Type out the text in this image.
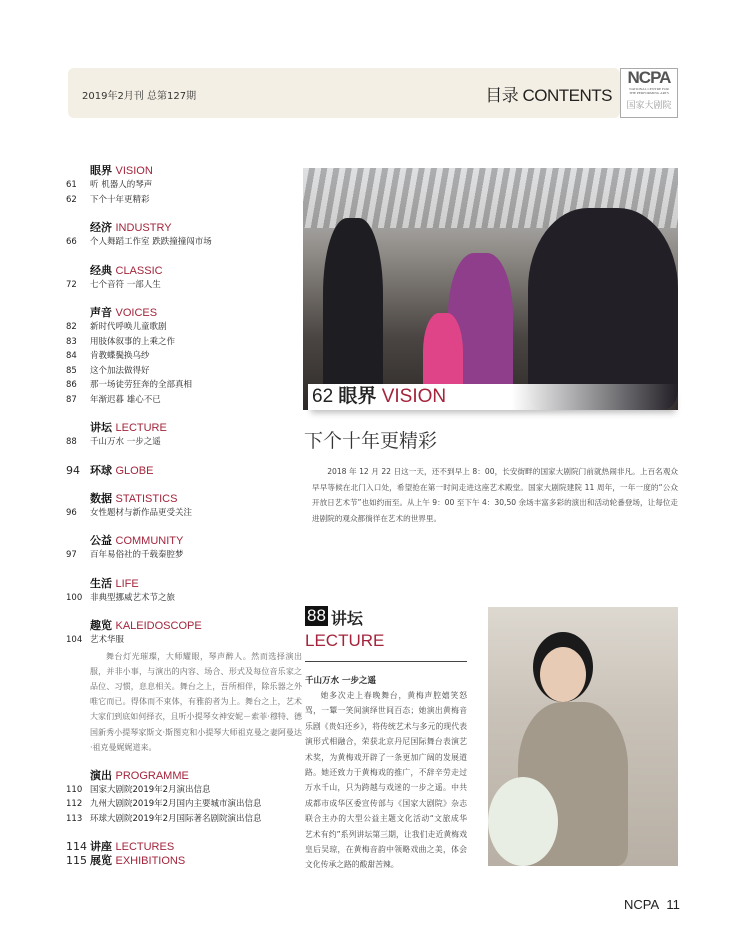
2019年2月刊 总第127期	目录 CONTENTS
NCPA
NATIONAL CENTRE FOR
THE PERFORMING ARTS
国家大剧院
眼界 VISION
61	听 机器人的琴声
62	下个十年更精彩
经济 INDUSTRY
66	个人舞蹈工作室 跌跌撞撞闯市场
经典 CLASSIC
72	七个音符 一部人生
声音 VOICES
82	新时代呼唤儿童歌剧
83	用肢体叙事的上乘之作
84	肯教蝶鬓换乌纱
85	这个加法做得好
86	那一场徒劳狂奔的全部真相
87	年渐迟暮 雄心不已
讲坛 LECTURE
88	千山万水 一步之遥
94 环球 GLOBE
数据 STATISTICS
96	女性题材与新作品更受关注
公益 COMMUNITY
97	百年易俗社的千载秦腔梦
生活 LIFE
100 非典型挪威艺术节之旅
趣览 KALEIDOSCOPE
104 艺术华服
舞台灯光璀璨，大师耀眼，琴声醉人。然而选择演出服，并非小事，与演出的内容、场合、形式及每位音乐家之品位、习惯，息息相关。舞台之上，吾所相伴，除乐器之外唯它而已。得体而不束体，有雅韵者为上。舞台之上，艺术大家们到底如何择衣，且听小提琴女神安妮－索菲·穆特、德国新秀小提琴家斯文·斯图克和小提琴大师祖克曼之妻阿曼达·祖克曼娓娓道来。
演出 PROGRAMME
110 国家大剧院2019年2月演出信息
112 九州大剧院2019年2月国内主要城市演出信息
113 环球大剧院2019年2月国际著名剧院演出信息
114 讲座 LECTURES
115 展览 EXHIBITIONS
62 眼界 VISION
下个十年更精彩
2018 年 12 月 22 日这一天，还不到早上 8：00，长安街畔的国家大剧院门前就热闹非凡。上百名观众早早等候在北门入口处，希望抢在第一时间走进这座艺术殿堂。国家大剧院建院 11 周年，一年一度的“公众开放日艺术节”也如约而至。从上午 9：00 至下午 4：30,50 余场丰富多彩的演出和活动轮番登场，让每位走进剧院的观众都徜徉在艺术的世界里。
88 讲坛
LECTURE
千山万水 一步之遥
她多次走上春晚舞台，黄梅声腔嬉笑怒骂，一颦一笑间演绎世间百态；她演出黄梅音乐剧《贵妇还乡》，将传统艺术与多元的现代表演形式相融合，荣获北京丹尼国际舞台表演艺术奖，为黄梅戏开辟了一条更加广阔的发展道路。她还致力于黄梅戏的推广，不辞辛劳走过万水千山，只为跨越与戏迷的一步之遥。中共成都市成华区委宣传部与《国家大剧院》杂志联合主办的大型公益主题文化活动“文旅成华 艺术有约”系列讲坛第三期，让我们走近黄梅戏皇后吴琼，在黄梅音韵中领略戏曲之美，体会文化传承之路的酸甜苦辣。
NCPA 11
